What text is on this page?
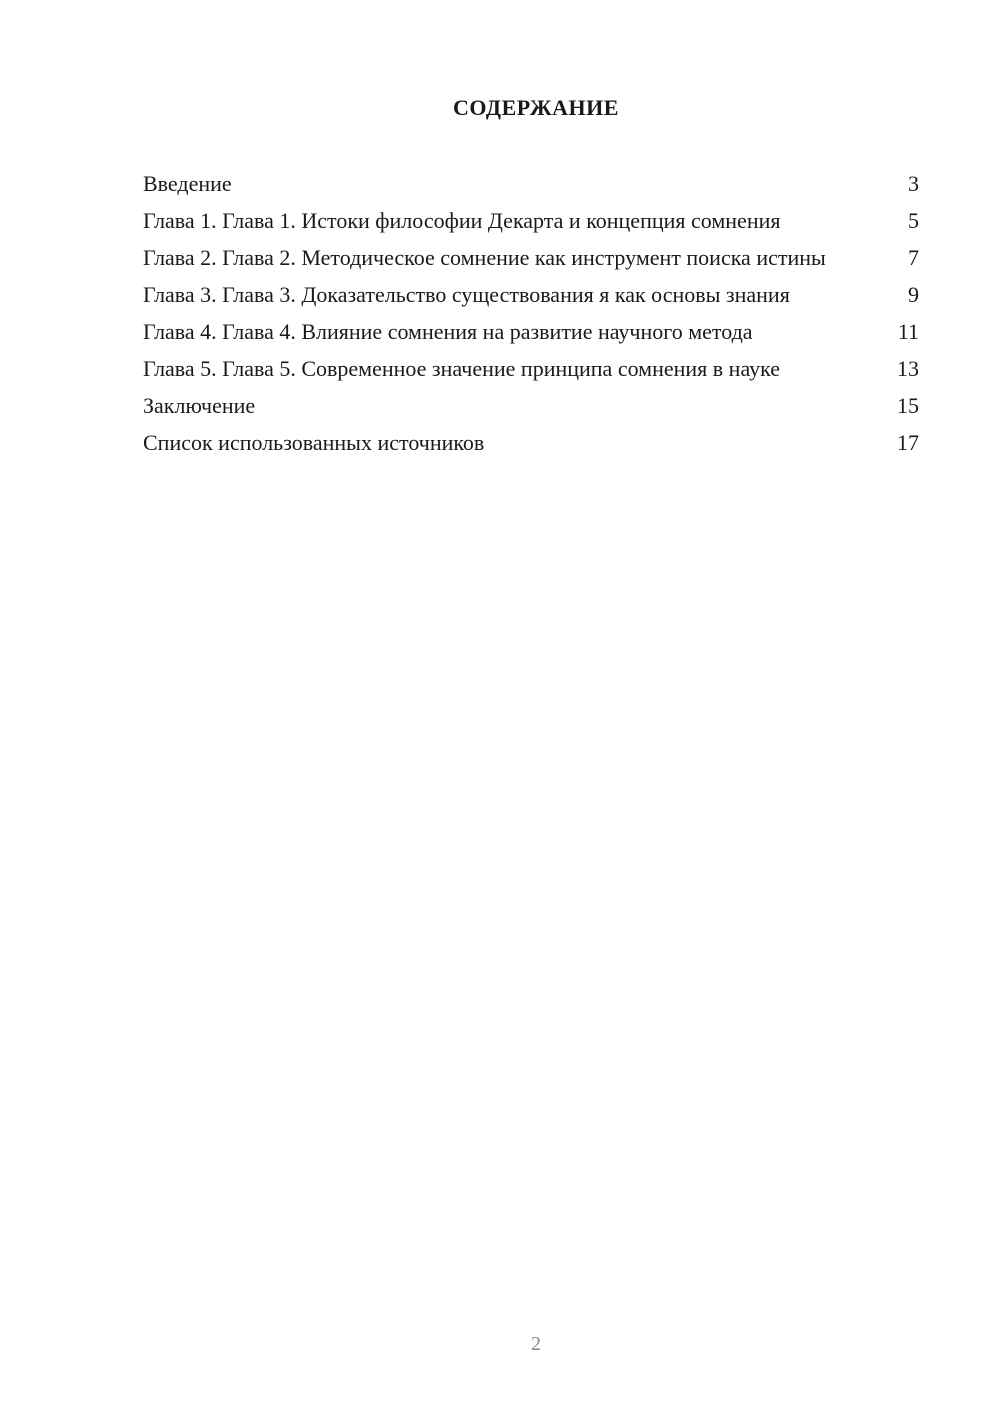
СОДЕРЖАНИЕ
Введение	3
Глава 1. Глава 1. Истоки философии Декарта и концепция сомнения	5
Глава 2. Глава 2. Методическое сомнение как инструмент поиска истины	7
Глава 3. Глава 3. Доказательство существования я как основы знания	9
Глава 4. Глава 4. Влияние сомнения на развитие научного метода	11
Глава 5. Глава 5. Современное значение принципа сомнения в науке	13
Заключение	15
Список использованных источников	17
2
